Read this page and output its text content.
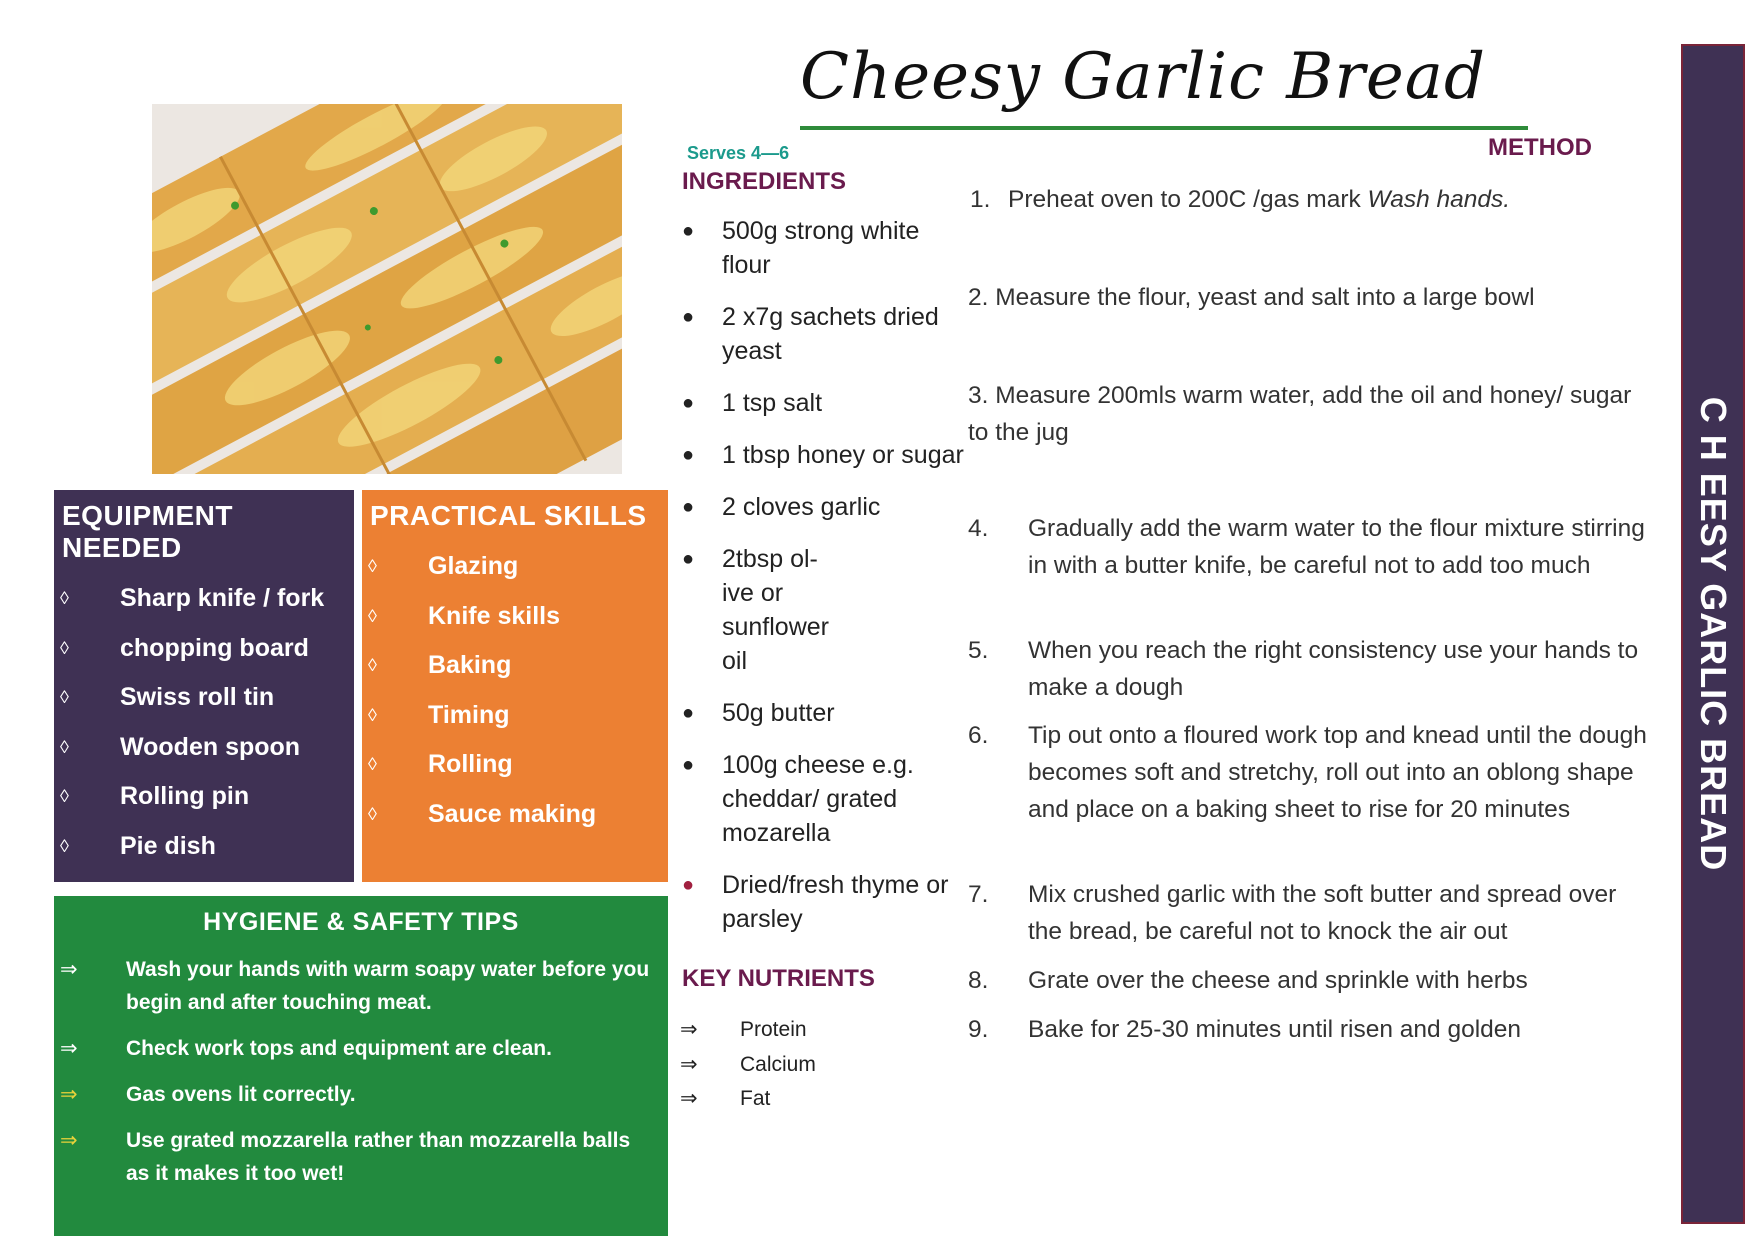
Cheesy Garlic Bread
EQUIPMENT NEEDED
◊	Sharp knife / fork
◊	chopping board
◊	Swiss roll tin
◊	Wooden spoon
◊	Rolling pin
◊	Pie dish
PRACTICAL SKILLS
◊	Glazing
◊	Knife skills
◊	Baking
◊	Timing
◊	Rolling
◊	Sauce making
HYGIENE & SAFETY TIPS
⇒	Wash your hands with warm soapy water before you begin and after touching meat.
⇒	Check work tops and equipment are clean.
⇒	Gas ovens lit correctly.
⇒	Use grated mozzarella rather than mozzarella balls as it makes it too wet!
Serves 4—6
INGREDIENTS
●	500g strong white flour
●	2 x7g sachets dried yeast
●	1 tsp salt
●	1 tbsp honey or sugar
●	2 cloves garlic
●	2tbsp ol-ive or sunflower oil
●	50g butter
●	100g cheese e.g. cheddar/ grated mozarella
●	Dried/fresh thyme or parsley
KEY NUTRIENTS
⇒	Protein
⇒	Calcium
⇒	Fat
METHOD
1. Preheat oven to 200C /gas mark Wash hands.
2. Measure the flour, yeast and salt into a large bowl
3. Measure 200mls warm water, add the oil and honey/ sugar to the jug
4.	Gradually add the warm water to the flour mixture stirring in with a butter knife, be careful not to add too much
5.	When you reach the right consistency use your hands to make a dough
6.	Tip out onto a floured work top and knead until the dough becomes soft and stretchy, roll out into an oblong shape and place on a baking sheet to rise for 20 minutes
7.	Mix crushed garlic with the soft butter and spread over the bread, be careful not to knock the air out
8.	Grate over the cheese and sprinkle with herbs
9.	Bake for 25-30 minutes until risen and golden
C H EESY GARLIC BREAD
